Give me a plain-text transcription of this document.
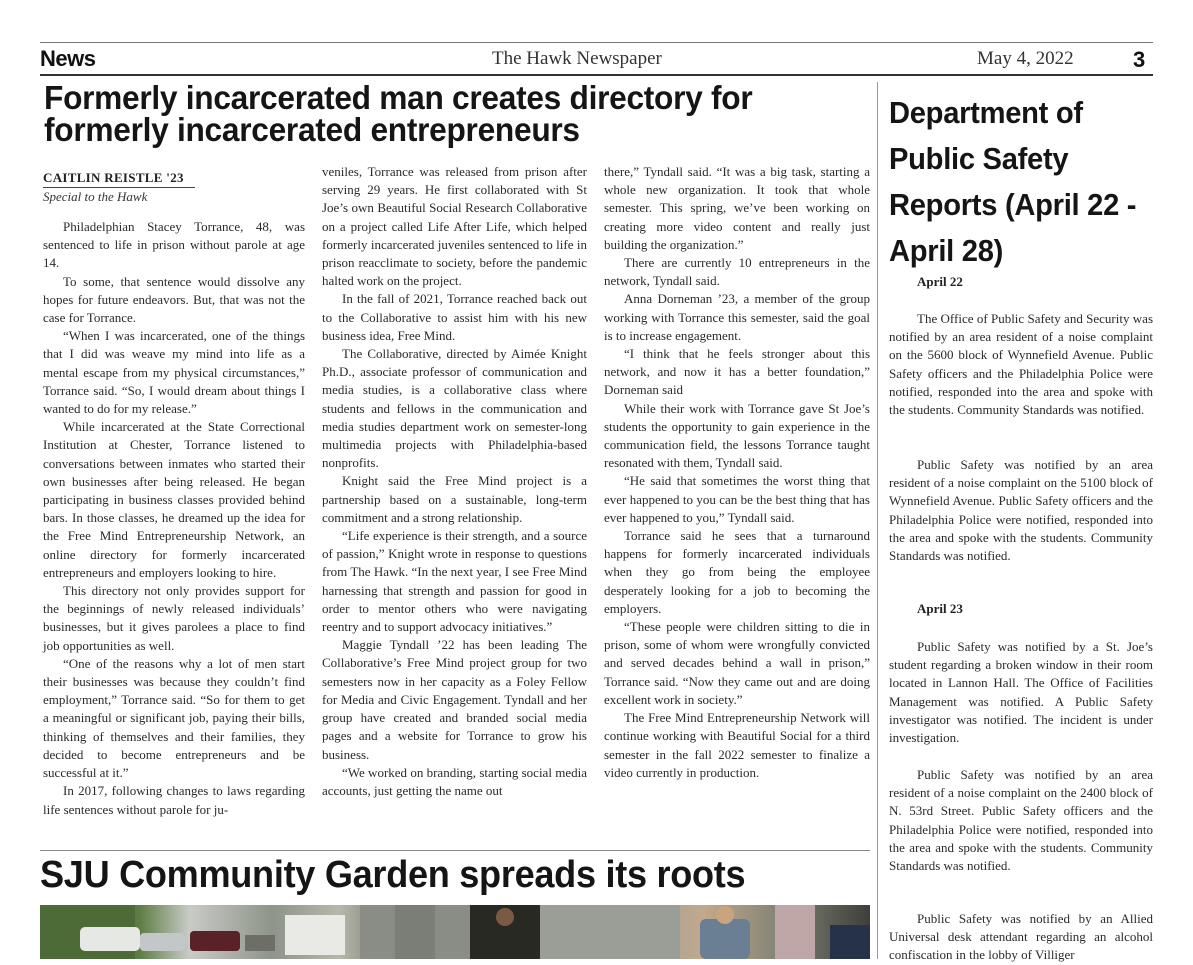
News	The Hawk Newspaper	May 4, 2022	3
Formerly incarcerated man creates directory for formerly incarcerated entrepreneurs
CAITLIN REISTLE '23
Special to the Hawk

Philadelphian Stacey Torrance, 48, was sentenced to life in prison without parole at age 14.

To some, that sentence would dissolve any hopes for future endeavors. But, that was not the case for Torrance.

“When I was incarcerated, one of the things that I did was weave my mind into life as a mental escape from my physical circumstances,” Torrance said. “So, I would dream about things I wanted to do for my release.”

While incarcerated at the State Correctional Institution at Chester, Torrance listened to conversations between inmates who started their own businesses after being released. He began participating in business classes provided behind bars. In those classes, he dreamed up the idea for the Free Mind Entrepreneurship Network, an online directory for formerly incarcerated entrepreneurs and employers looking to hire.

This directory not only provides support for the beginnings of newly released individuals’ businesses, but it gives parolees a place to find job opportunities as well.

“One of the reasons why a lot of men start their businesses was because they couldn’t find employment,” Torrance said. “So for them to get a meaningful or significant job, paying their bills, thinking of themselves and their families, they decided to become entrepreneurs and be successful at it.”

In 2017, following changes to laws regarding life sentences without parole for ju-

veniles, Torrance was released from prison after serving 29 years. He first collaborated with St Joe’s own Beautiful Social Research Collaborative on a project called Life After Life, which helped formerly incarcerated juveniles sentenced to life in prison reacclimate to society, before the pandemic halted work on the project.

In the fall of 2021, Torrance reached back out to the Collaborative to assist him with his new business idea, Free Mind.

The Collaborative, directed by Aimée Knight Ph.D., associate professor of communication and media studies, is a collaborative class where students and fellows in the communication and media studies department work on semester-long multimedia projects with Philadelphia-based nonprofits.

Knight said the Free Mind project is a partnership based on a sustainable, long-term commitment and a strong relationship.

“Life experience is their strength, and a source of passion,” Knight wrote in response to questions from The Hawk. “In the next year, I see Free Mind harnessing that strength and passion for good in order to mentor others who were navigating reentry and to support advocacy initiatives.”

Maggie Tyndall ’22 has been leading The Collaborative’s Free Mind project group for two semesters now in her capacity as a Foley Fellow for Media and Civic Engagement. Tyndall and her group have created and branded social media pages and a website for Torrance to grow his business.

“We worked on branding, starting social media accounts, just getting the name out

there,” Tyndall said. “It was a big task, starting a whole new organization. It took that whole semester. This spring, we’ve been working on creating more video content and really just building the organization.”

There are currently 10 entrepreneurs in the network, Tyndall said.

Anna Dorneman ’23, a member of the group working with Torrance this semester, said the goal is to increase engagement.

“I think that he feels stronger about this network, and now it has a better foundation,” Dorneman said

While their work with Torrance gave St Joe’s students the opportunity to gain experience in the communication field, the lessons Torrance taught resonated with them, Tyndall said.

“He said that sometimes the worst thing that ever happened to you can be the best thing that has ever happened to you,” Tyndall said.

Torrance said he sees that a turnaround happens for formerly incarcerated individuals when they go from being the employee desperately looking for a job to becoming the employers.

“These people were children sitting to die in prison, some of whom were wrongfully convicted and served decades behind a wall in prison,” Torrance said. “Now they came out and are doing excellent work in society.”

The Free Mind Entrepreneurship Network will continue working with Beautiful Social for a third semester in the fall 2022 semester to finalize a video currently in production.

SJU Community Garden spreads its roots
Department of Public Safety Reports (April 22 - April 28)
April 22

The Office of Public Safety and Security was notified by an area resident of a noise complaint on the 5600 block of Wynnefield Avenue. Public Safety officers and the Philadelphia Police were notified, responded into the area and spoke with the students. Community Standards was notified.

Public Safety was notified by an area resident of a noise complaint on the 5100 block of Wynnefield Avenue. Public Safety officers and the Philadelphia Police were notified, responded into the area and spoke with the students. Community Standards was notified.

April 23

Public Safety was notified by a St. Joe’s student regarding a broken window in their room located in Lannon Hall. The Office of Facilities Management was notified. A Public Safety investigator was notified. The incident is under investigation.

Public Safety was notified by an area resident of a noise complaint on the 2400 block of N. 53rd Street. Public Safety officers and the Philadelphia Police were notified, responded into the area and spoke with the students. Community Standards was notified.

Public Safety was notified by an Allied Universal desk attendant regarding an alcohol confiscation in the lobby of Villiger
